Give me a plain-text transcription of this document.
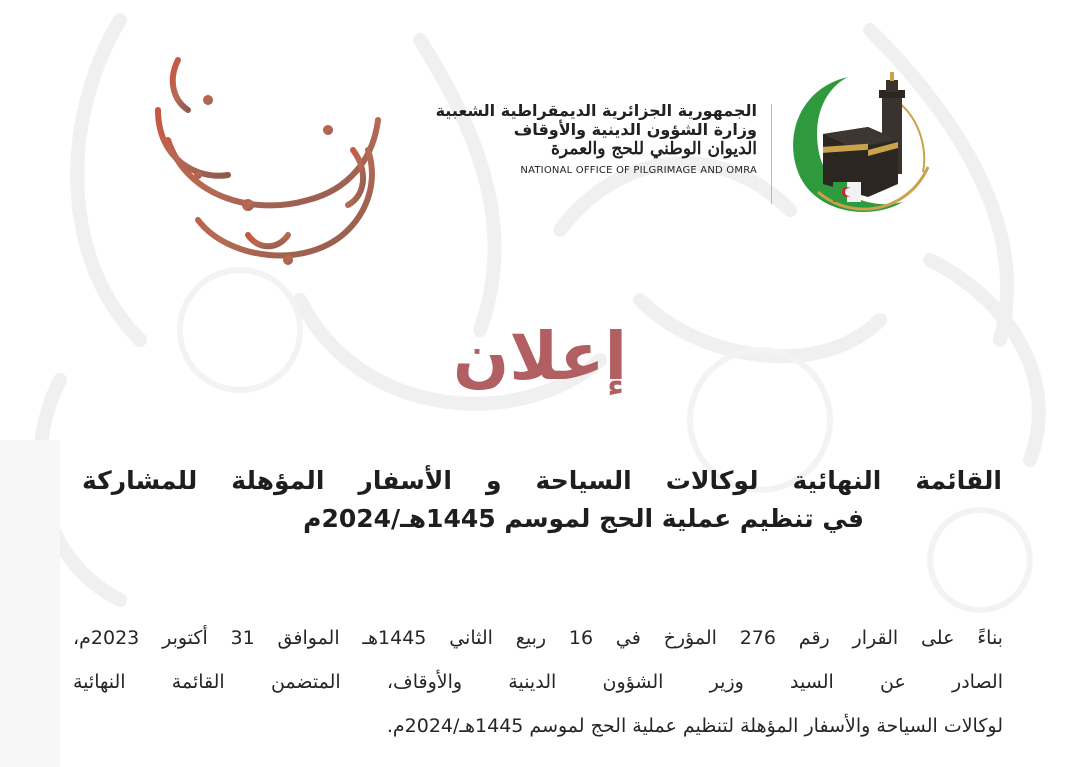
الجمهورية الجزائرية الديمقراطية الشعبية
وزارة الشؤون الدينية والأوقاف
الديوان الوطني للحج والعمرة
NATIONAL OFFICE OF PILGRIMAGE AND OMRA
إعلان
القائمة النهائية لوكالات السياحة و الأسفار المؤهلة للمشاركة
في تنظيم عملية الحج لموسم 1445هـ/2024م
بناءً على القرار رقم 276 المؤرخ في 16 ربيع الثاني 1445هـ الموافق 31 أكتوبر 2023م،
الصادر عن السيد وزير الشؤون الدينية والأوقاف، المتضمن القائمة النهائية
لوكالات السياحة والأسفار المؤهلة لتنظيم عملية الحج لموسم 1445هـ/2024م.
